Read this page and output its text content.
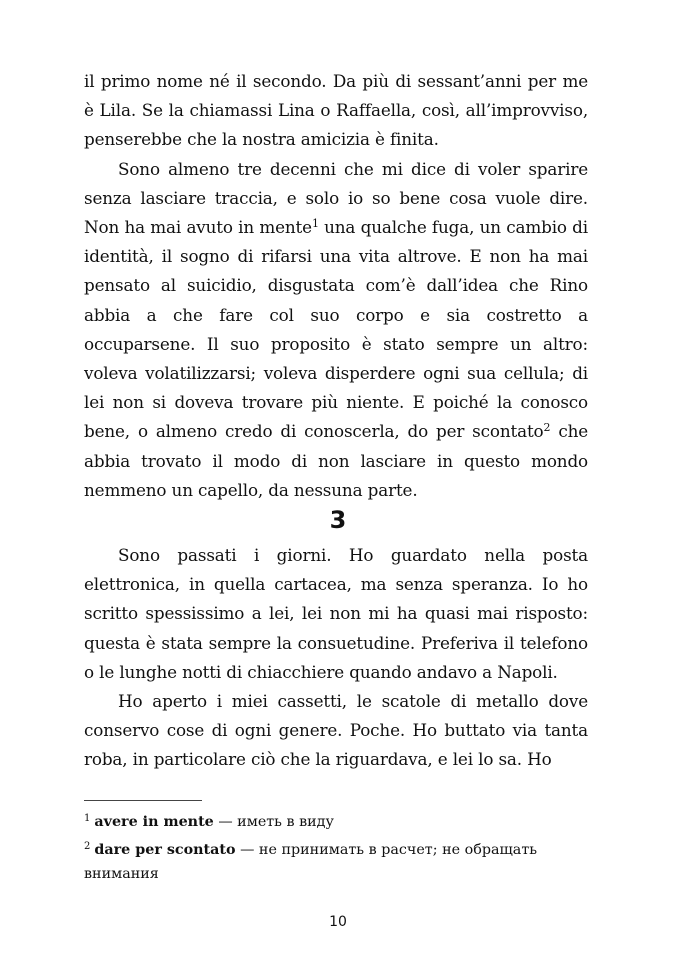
il primo nome né il secondo. Da più di sessant’anni per me è Lila. Se la chiamassi Lina o Raffaella, così, all’improvviso, penserebbe che la nostra amicizia è finita.

Sono almeno tre decenni che mi dice di voler sparire senza lasciare traccia, e solo io so bene cosa vuole dire. Non ha mai avuto in mente$^1$ una qualche fuga, un cambio di identità, il sogno di rifarsi una vita altrove. E non ha mai pensato al suicidio, disgustata com’è dall’idea che Rino abbia a che fare col suo corpo e sia costretto a occuparsene. Il suo proposito è stato sempre un altro: voleva volatilizzarsi; voleva disperdere ogni sua cellula; di lei non si doveva trovare più niente. E poiché la conosco bene, o almeno credo di conoscerla, do per scontato$^2$ che abbia trovato il modo di non lasciare in questo mondo nemmeno un capello, da nessuna parte.

3

Sono passati i giorni. Ho guardato nella posta elettronica, in quella cartacea, ma senza speranza. Io ho scritto spessissimo a lei, lei non mi ha quasi mai risposto: questa è stata sempre la consuetudine. Preferiva il telefono o le lunghe notti di chiacchiere quando andavo a Napoli.

Ho aperto i miei cassetti, le scatole di metallo dove conservo cose di ogni genere. Poche. Ho buttato via tanta roba, in particolare ciò che la riguardava, e lei lo sa. Ho

$^1$ avere in mente — иметь в виду

$^2$ dare per scontato — не принимать в расчет; не обращать внимания

10
